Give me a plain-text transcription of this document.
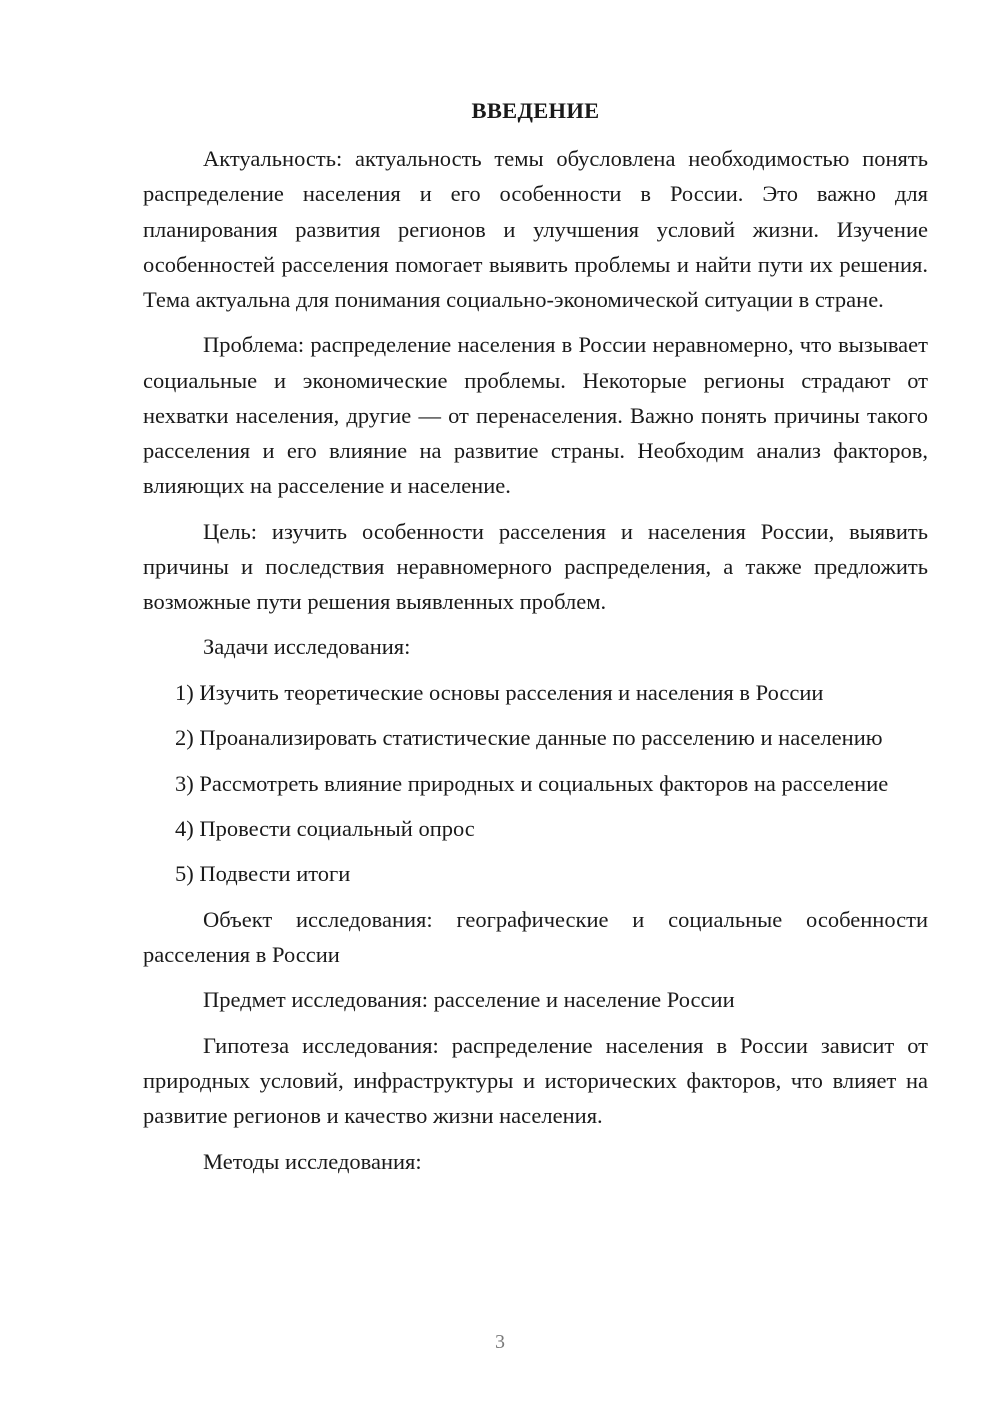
ВВЕДЕНИЕ

Актуальность: актуальность темы обусловлена необходимостью понять распределение населения и его особенности в России. Это важно для планирования развития регионов и улучшения условий жизни. Изучение особенностей расселения помогает выявить проблемы и найти пути их решения. Тема актуальна для понимания социально-экономической ситуации в стране.

Проблема: распределение населения в России неравномерно, что вызывает социальные и экономические проблемы. Некоторые регионы страдают от нехватки населения, другие — от перенаселения. Важно понять причины такого расселения и его влияние на развитие страны. Необходим анализ факторов, влияющих на расселение и население.

Цель: изучить особенности расселения и населения России, выявить причины и последствия неравномерного распределения, а также предложить возможные пути решения выявленных проблем.

Задачи исследования:

1) Изучить теоретические основы расселения и населения в России

2) Проанализировать статистические данные по расселению и населению

3) Рассмотреть влияние природных и социальных факторов на расселение

4) Провести социальный опрос

5) Подвести итоги

Объект исследования: географические и социальные особенности расселения в России

Предмет исследования: расселение и население России

Гипотеза исследования: распределение населения в России зависит от природных условий, инфраструктуры и исторических факторов, что влияет на развитие регионов и качество жизни населения.

Методы исследования:

3
